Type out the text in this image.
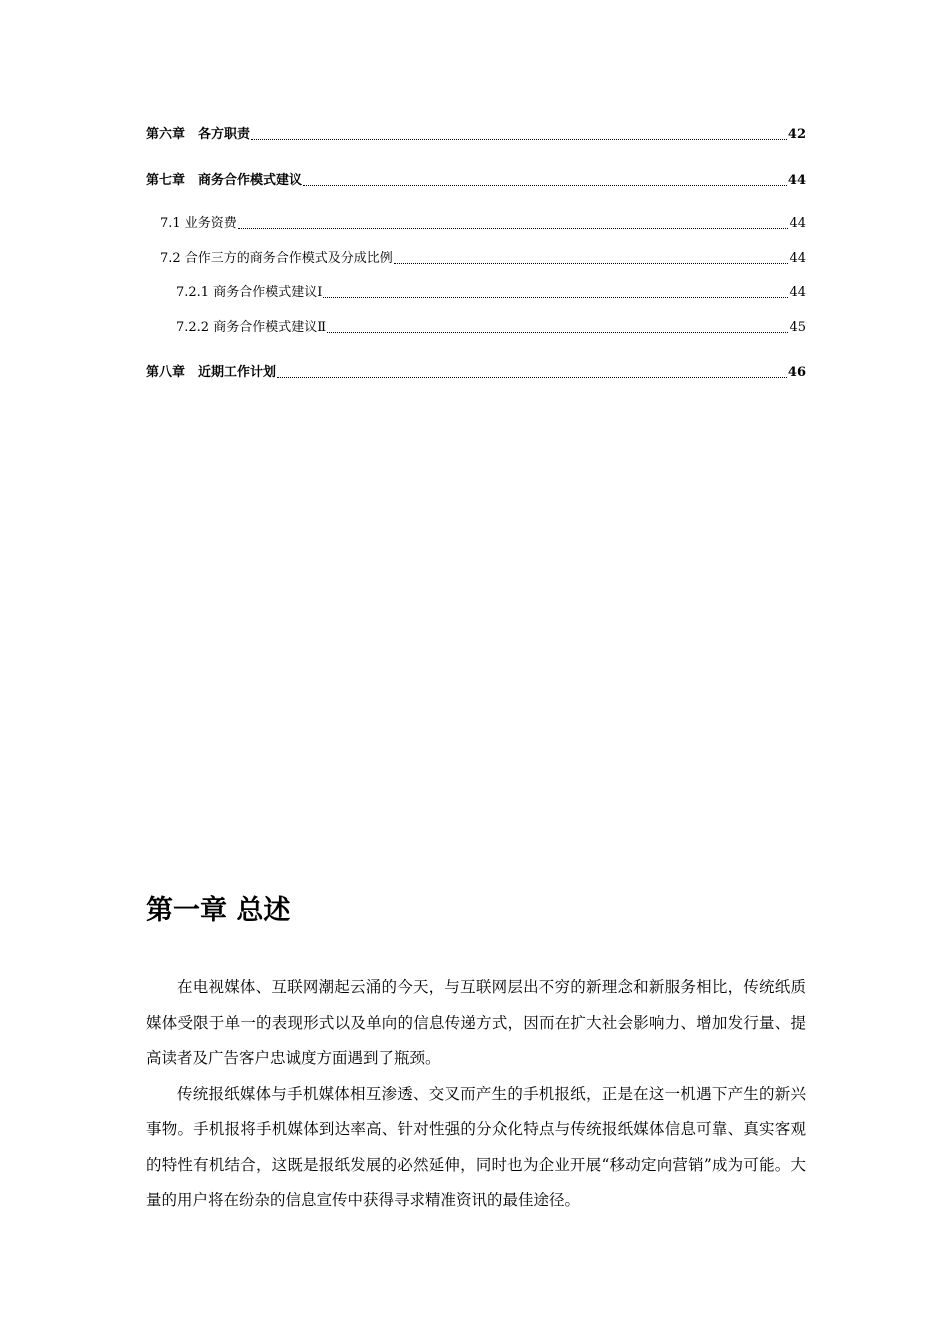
第六章　各方职责	42
第七章　商务合作模式建议	44
7.1 业务资费	44
7.2 合作三方的商务合作模式及分成比例	44
7.2.1 商务合作模式建议Ⅰ	44
7.2.2 商务合作模式建议Ⅱ	45
第八章　近期工作计划	46
第一章 总述

在电视媒体、互联网潮起云涌的今天，与互联网层出不穷的新理念和新服务相比，传统纸质媒体受限于单一的表现形式以及单向的信息传递方式，因而在扩大社会影响力、增加发行量、提高读者及广告客户忠诚度方面遇到了瓶颈。

传统报纸媒体与手机媒体相互渗透、交叉而产生的手机报纸，正是在这一机遇下产生的新兴事物。手机报将手机媒体到达率高、针对性强的分众化特点与传统报纸媒体信息可靠、真实客观的特性有机结合，这既是报纸发展的必然延伸，同时也为企业开展“移动定向营销”成为可能。大量的用户将在纷杂的信息宣传中获得寻求精准资讯的最佳途径。
